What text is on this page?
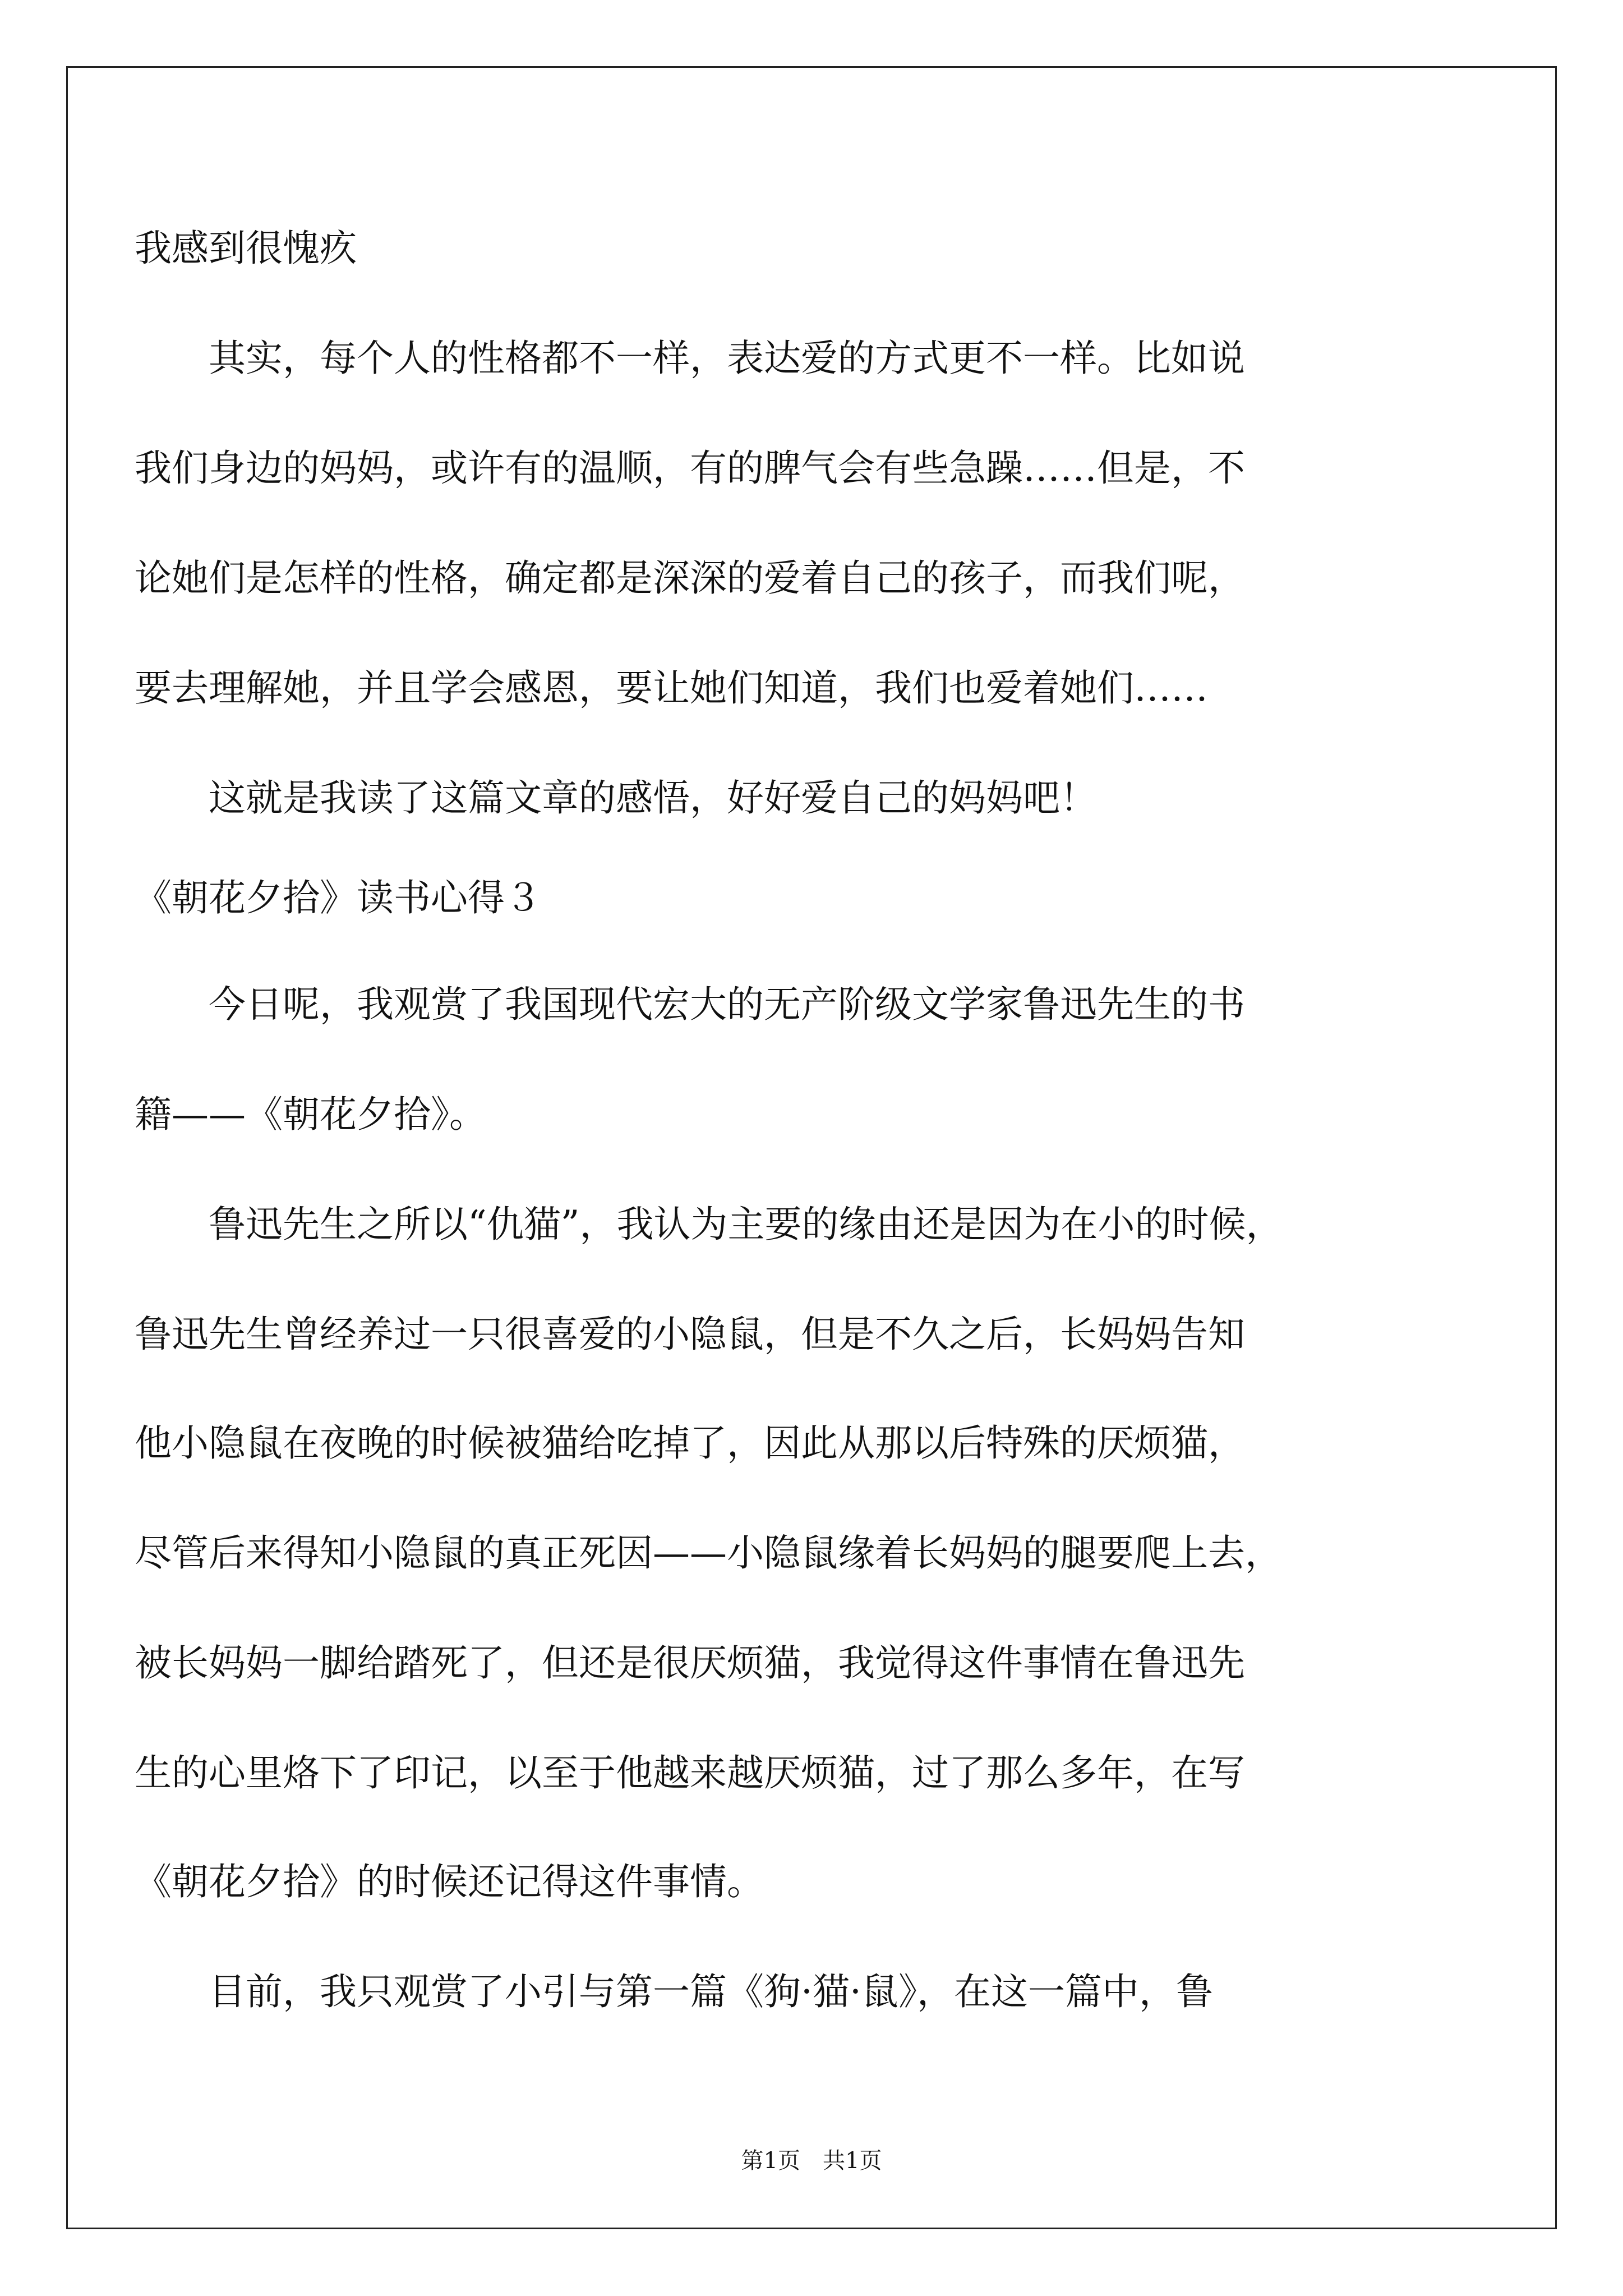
我感到很愧疚
　　其实，每个人的性格都不一样，表达爱的方式更不一样。比如说
我们身边的妈妈，或许有的温顺，有的脾气会有些急躁……但是，不
论她们是怎样的性格，确定都是深深的爱着自己的孩子，而我们呢，
要去理解她，并且学会感恩，要让她们知道，我们也爱着她们……
　　这就是我读了这篇文章的感悟，好好爱自己的妈妈吧！
《朝花夕拾》读书心得３
　　今日呢，我观赏了我国现代宏大的无产阶级文学家鲁迅先生的书
籍——《朝花夕拾》。
　　鲁迅先生之所以“仇猫”，我认为主要的缘由还是因为在小的时候，
鲁迅先生曾经养过一只很喜爱的小隐鼠，但是不久之后，长妈妈告知
他小隐鼠在夜晚的时候被猫给吃掉了，因此从那以后特殊的厌烦猫，
尽管后来得知小隐鼠的真正死因——小隐鼠缘着长妈妈的腿要爬上去，
被长妈妈一脚给踏死了，但还是很厌烦猫，我觉得这件事情在鲁迅先
生的心里烙下了印记，以至于他越来越厌烦猫，过了那么多年，在写
《朝花夕拾》的时候还记得这件事情。
　　目前，我只观赏了小引与第一篇《狗·猫·鼠》，在这一篇中，鲁
第1页　共1页
